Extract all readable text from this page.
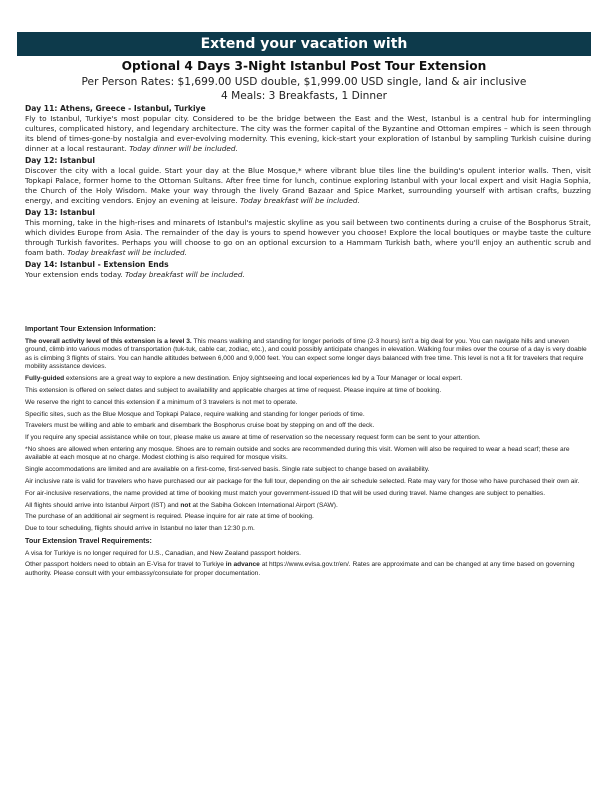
Extend your vacation with
Optional 4 Days 3-Night Istanbul Post Tour Extension
Per Person Rates: $1,699.00 USD double, $1,999.00 USD single, land & air inclusive
4 Meals: 3 Breakfasts, 1 Dinner
Day 11: Athens, Greece - Istanbul, Turkiye
Fly to Istanbul, Turkiye's most popular city. Considered to be the bridge between the East and the West, Istanbul is a central hub for intermingling cultures, complicated history, and legendary architecture. The city was the former capital of the Byzantine and Ottoman empires – which is seen through its blend of times-gone-by nostalgia and ever-evolving modernity. This evening, kick-start your exploration of Istanbul by sampling Turkish cuisine during dinner at a local restaurant. Today dinner will be included.
Day 12: Istanbul
Discover the city with a local guide. Start your day at the Blue Mosque,* where vibrant blue tiles line the building's opulent interior walls. Then, visit Topkapi Palace, former home to the Ottoman Sultans. After free time for lunch, continue exploring Istanbul with your local expert and visit Hagia Sophia, the Church of the Holy Wisdom. Make your way through the lively Grand Bazaar and Spice Market, surrounding yourself with artisan crafts, buzzing energy, and exciting vendors. Enjoy an evening at leisure. Today breakfast will be included.
Day 13: Istanbul
This morning, take in the high-rises and minarets of Istanbul's majestic skyline as you sail between two continents during a cruise of the Bosphorus Strait, which divides Europe from Asia. The remainder of the day is yours to spend however you choose! Explore the local boutiques or maybe taste the culture through Turkish favorites. Perhaps you will choose to go on an optional excursion to a Hammam Turkish bath, where you'll enjoy an authentic scrub and foam bath. Today breakfast will be included.
Day 14: Istanbul - Extension Ends
Your extension ends today. Today breakfast will be included.
Important Tour Extension Information:

The overall activity level of this extension is a level 3. This means walking and standing for longer periods of time (2-3 hours) isn't a big deal for you. You can navigate hills and uneven ground, climb into various modes of transportation (tuk-tuk, cable car, zodiac, etc.), and could possibly anticipate changes in elevation. Walking four miles over the course of a day is very doable as is climbing 3 flights of stairs. You can handle altitudes between 6,000 and 9,000 feet. You can expect some longer days balanced with free time. This level is not a fit for travelers that require mobility assistance devices.

Fully-guided extensions are a great way to explore a new destination. Enjoy sightseeing and local experiences led by a Tour Manager or local expert.

This extension is offered on select dates and subject to availability and applicable charges at time of request. Please inquire at time of booking.

We reserve the right to cancel this extension if a minimum of 3 travelers is not met to operate.

Specific sites, such as the Blue Mosque and Topkapi Palace, require walking and standing for longer periods of time.

Travelers must be willing and able to embark and disembark the Bosphorus cruise boat by stepping on and off the deck.

If you require any special assistance while on tour, please make us aware at time of reservation so the necessary request form can be sent to your attention.

*No shoes are allowed when entering any mosque. Shoes are to remain outside and socks are recommended during this visit. Women will also be required to wear a head scarf; these are available at each mosque at no charge. Modest clothing is also required for mosque visits.

Single accommodations are limited and are available on a first-come, first-served basis. Single rate subject to change based on availability.

Air inclusive rate is valid for travelers who have purchased our air package for the full tour, depending on the air schedule selected. Rate may vary for those who have purchased their own air.

For air-inclusive reservations, the name provided at time of booking must match your government-issued ID that will be used during travel. Name changes are subject to penalties.

All flights should arrive into Istanbul Airport (IST) and not at the Sabiha Gokcen International Airport (SAW).

The purchase of an additional air segment is required. Please inquire for air rate at time of booking.

Due to tour scheduling, flights should arrive in Istanbul no later than 12:30 p.m.

Tour Extension Travel Requirements:

A visa for Turkiye is no longer required for U.S., Canadian, and New Zealand passport holders.

Other passport holders need to obtain an E-Visa for travel to Turkiye in advance at https://www.evisa.gov.tr/en/. Rates are approximate and can be changed at any time based on governing authority. Please consult with your embassy/consulate for proper documentation.
